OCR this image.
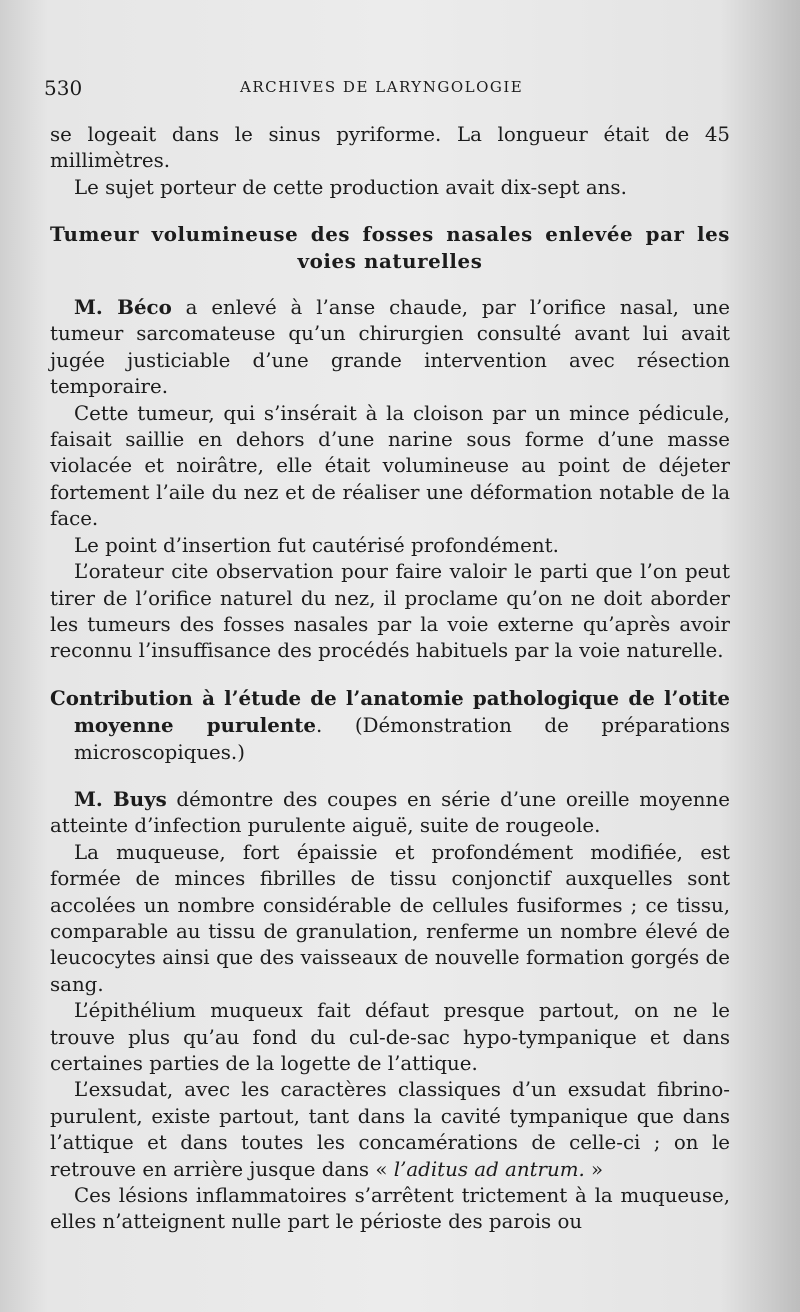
530	ARCHIVES DE LARYNGOLOGIE

se logeait dans le sinus pyriforme. La longueur était de 45 millimètres.

Le sujet porteur de cette production avait dix-sept ans.

Tumeur volumineuse des fosses nasales enlevée par les
voies naturelles

M. Béco a enlevé à l’anse chaude, par l’orifice nasal, une tumeur sarcomateuse qu’un chirurgien consulté avant lui avait jugée justiciable d’une grande intervention avec résection temporaire.

Cette tumeur, qui s’insérait à la cloison par un mince pédicule, faisait saillie en dehors d’une narine sous forme d’une masse violacée et noirâtre, elle était volumineuse au point de déjeter fortement l’aile du nez et de réaliser une déformation notable de la face.

Le point d’insertion fut cautérisé profondément.

L’orateur cite observation pour faire valoir le parti que l’on peut tirer de l’orifice naturel du nez, il proclame qu’on ne doit aborder les tumeurs des fosses nasales par la voie externe qu’après avoir reconnu l’insuffisance des procédés habituels par la voie naturelle.

Contribution à l’étude de l’anatomie pathologique de l’otite moyenne purulente. (Démonstration de préparations microscopiques.)

M. Buys démontre des coupes en série d’une oreille moyenne atteinte d’infection purulente aiguë, suite de rougeole.

La muqueuse, fort épaissie et profondément modifiée, est formée de minces fibrilles de tissu conjonctif auxquelles sont accolées un nombre considérable de cellules fusiformes ; ce tissu, comparable au tissu de granulation, renferme un nombre élevé de leucocytes ainsi que des vaisseaux de nouvelle formation gorgés de sang.

L’épithélium muqueux fait défaut presque partout, on ne le trouve plus qu’au fond du cul-de-sac hypo-tympanique et dans certaines parties de la logette de l’attique.

L’exsudat, avec les caractères classiques d’un exsudat fibrino-purulent, existe partout, tant dans la cavité tympanique que dans l’attique et dans toutes les concamérations de celle-ci ; on le retrouve en arrière jusque dans « l’aditus ad antrum. »

Ces lésions inflammatoires s’arrêtent trictement à la muqueuse, elles n’atteignent nulle part le périoste des parois ou
